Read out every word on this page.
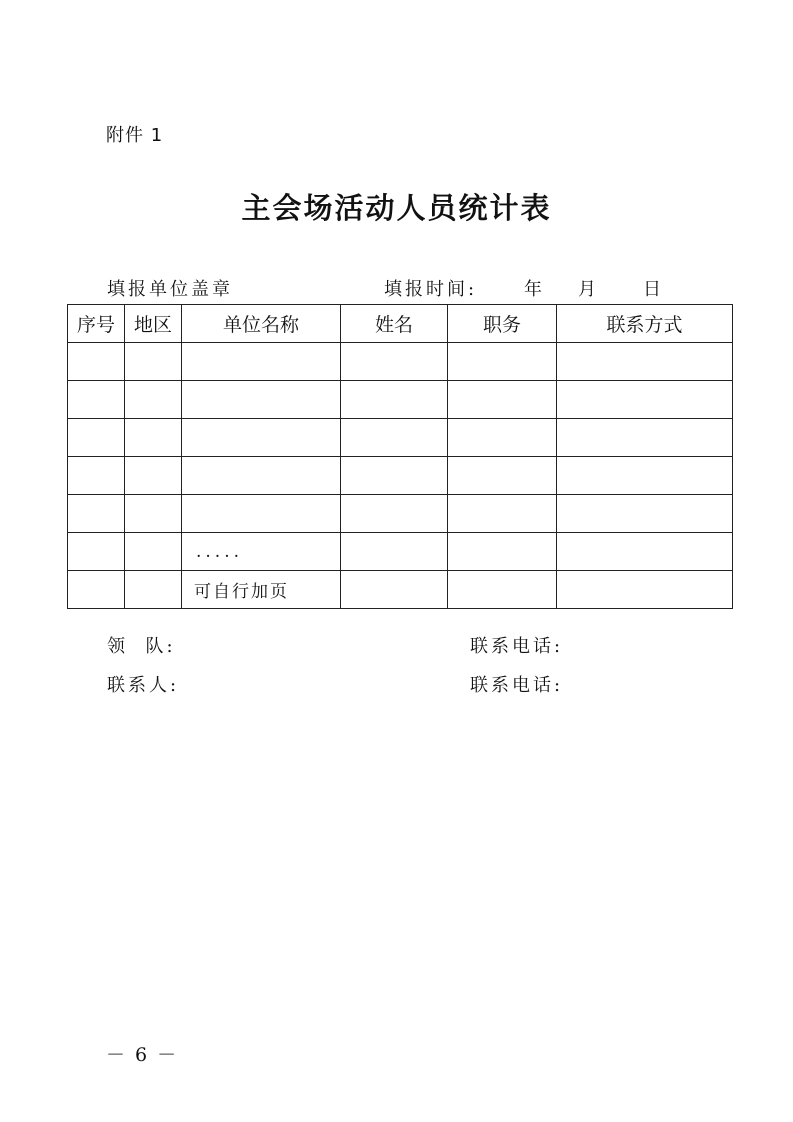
附件 1
主会场活动人员统计表
填报单位盖章	填报时间:	年 月	日
序号	地区	单位名称	姓名	职务	联系方式

		.....			
		可自行加页			
领  队:	联系电话:
联系人:	联系电话:
－ 6 －
